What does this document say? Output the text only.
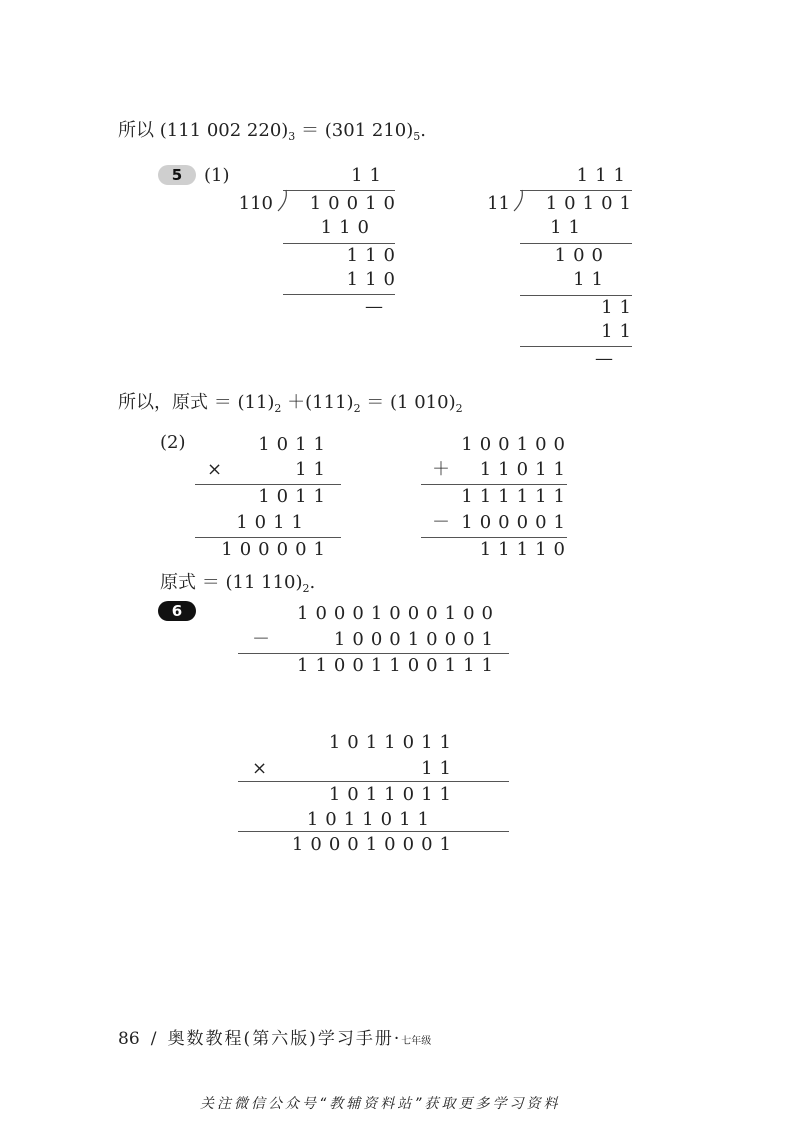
所以 (111 002 $220)_3 = (301$ $210)_5$.
5	(1)	11
110 10010
110
110
110
—
111
11 10101
11
100
11
11
11
—
所以，原式 ＝ $(11)_2 +(111)_2 = (1$ $010)_2$
(2)	1011
×	11
1011
1011
100001
100100
＋ 11011
111111
－ 100001
11110
原式 ＝ (11 $110)_2$.
6	10001000100
－	100010001
11001100111
1011011
×	11
1011011
1011011
100010001
86 / 奥数教程(第六版)学习手册·七年级
关注微信公众号“教辅资料站”获取更多学习资料
